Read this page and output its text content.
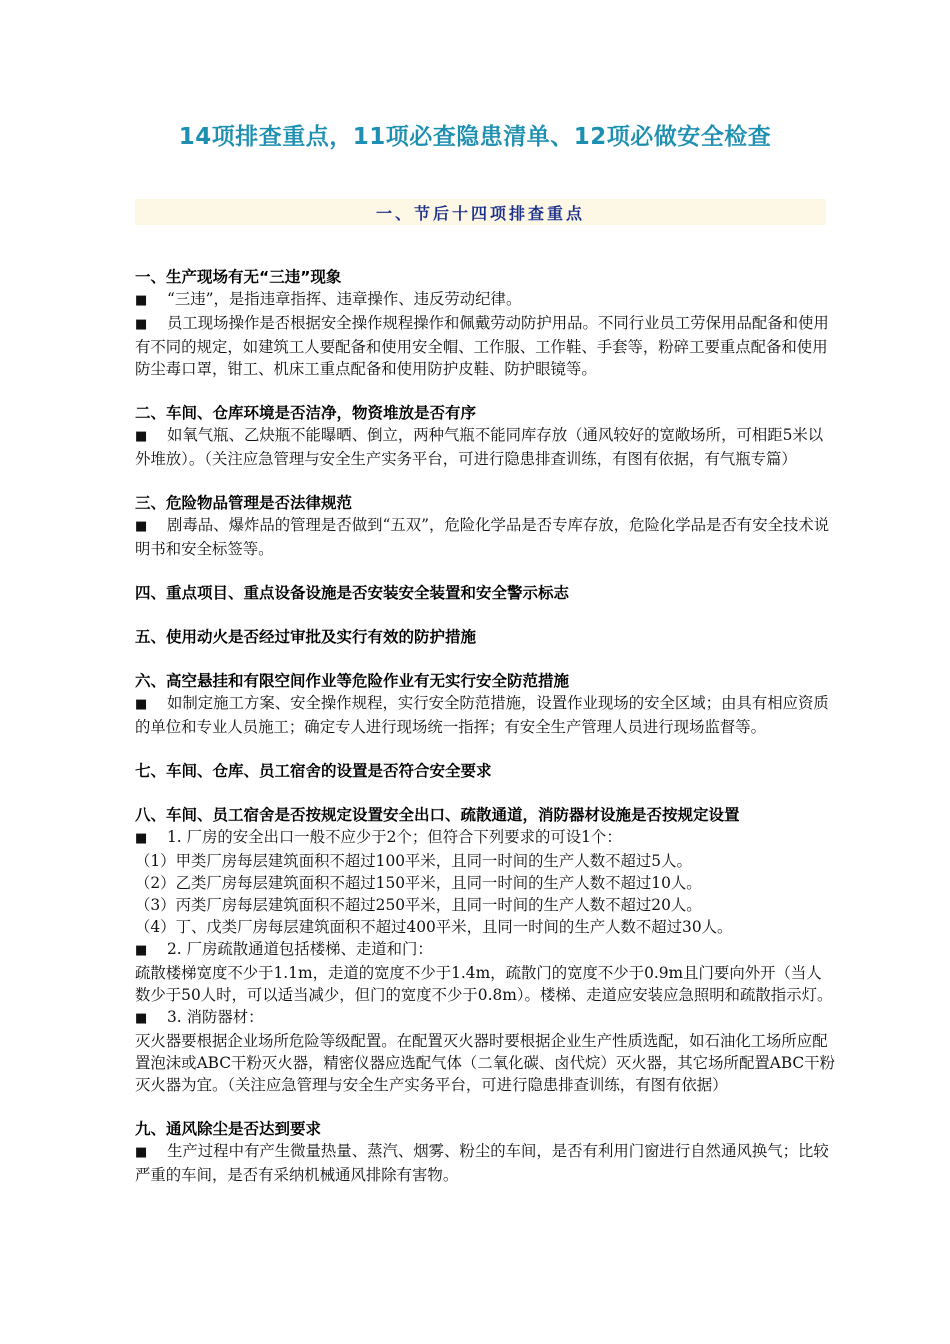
14项排查重点，11项必查隐患清单、12项必做安全检查
一、节后十四项排查重点
一、生产现场有无“三违”现象
■ “三违”，是指违章指挥、违章操作、违反劳动纪律。
■ 员工现场操作是否根据安全操作规程操作和佩戴劳动防护用品。不同行业员工劳保用品配备和使用有不同的规定，如建筑工人要配备和使用安全帽、工作服、工作鞋、手套等，粉碎工要重点配备和使用防尘毒口罩，钳工、机床工重点配备和使用防护皮鞋、防护眼镜等。
二、车间、仓库环境是否洁净，物资堆放是否有序
■ 如氧气瓶、乙炔瓶不能曝晒、倒立，两种气瓶不能同库存放（通风较好的宽敞场所，可相距5米以外堆放）。（关注应急管理与安全生产实务平台，可进行隐患排查训练，有图有依据，有气瓶专篇）
三、危险物品管理是否法律规范
■ 剧毒品、爆炸品的管理是否做到“五双”，危险化学品是否专库存放，危险化学品是否有安全技术说明书和安全标签等。
四、重点项目、重点设备设施是否安装安全装置和安全警示标志
五、使用动火是否经过审批及实行有效的防护措施
六、高空悬挂和有限空间作业等危险作业有无实行安全防范措施
■ 如制定施工方案、安全操作规程，实行安全防范措施，设置作业现场的安全区域；由具有相应资质的单位和专业人员施工；确定专人进行现场统一指挥；有安全生产管理人员进行现场监督等。
七、车间、仓库、员工宿舍的设置是否符合安全要求
八、车间、员工宿舍是否按规定设置安全出口、疏散通道，消防器材设施是否按规定设置
■ 1. 厂房的安全出口一般不应少于2个；但符合下列要求的可设1个：
（1）甲类厂房每层建筑面积不超过100平米，且同一时间的生产人数不超过5人。
（2）乙类厂房每层建筑面积不超过150平米，且同一时间的生产人数不超过10人。
（3）丙类厂房每层建筑面积不超过250平米，且同一时间的生产人数不超过20人。
（4）丁、戊类厂房每层建筑面积不超过400平米，且同一时间的生产人数不超过30人。
■ 2. 厂房疏散通道包括楼梯、走道和门：
疏散楼梯宽度不少于1.1m，走道的宽度不少于1.4m，疏散门的宽度不少于0.9m且门要向外开（当人数少于50人时，可以适当减少，但门的宽度不少于0.8m）。楼梯、走道应安装应急照明和疏散指示灯。
■ 3. 消防器材：
灭火器要根据企业场所危险等级配置。在配置灭火器时要根据企业生产性质选配，如石油化工场所应配置泡沫或ABC干粉灭火器，精密仪器应选配气体（二氧化碳、卤代烷）灭火器，其它场所配置ABC干粉灭火器为宜。（关注应急管理与安全生产实务平台，可进行隐患排查训练，有图有依据）
九、通风除尘是否达到要求
■ 生产过程中有产生微量热量、蒸汽、烟雾、粉尘的车间，是否有利用门窗进行自然通风换气；比较严重的车间，是否有采纳机械通风排除有害物。
